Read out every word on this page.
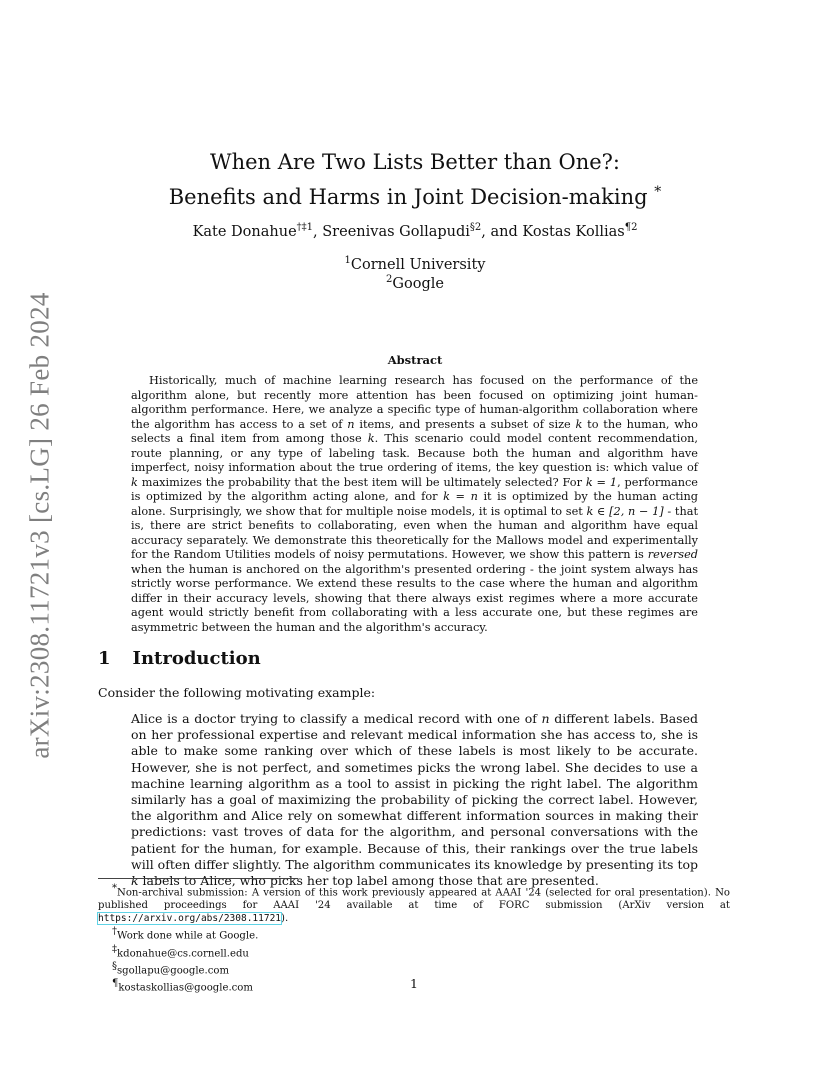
arXiv:2308.11721v3 [cs.LG] 26 Feb 2024
When Are Two Lists Better than One?:
Benefits and Harms in Joint Decision-making *
Kate Donahue$^{\dagger\ddagger 1}$, Sreenivas Gollapudi$^{\S 2}$, and Kostas Kollias$^{\P 2}$
$^1$Cornell University
$^2$Google
Abstract
Historically, much of machine learning research has focused on the performance of the algorithm alone, but recently more attention has been focused on optimizing joint human-algorithm performance. Here, we analyze a specific type of human-algorithm collaboration where the algorithm has access to a set of n items, and presents a subset of size k to the human, who selects a final item from among those k. This scenario could model content recommendation, route planning, or any type of labeling task. Because both the human and algorithm have imperfect, noisy information about the true ordering of items, the key question is: which value of k maximizes the probability that the best item will be ultimately selected? For k = 1, performance is optimized by the algorithm acting alone, and for k = n it is optimized by the human acting alone. Surprisingly, we show that for multiple noise models, it is optimal to set k ∈ [2, n − 1] - that is, there are strict benefits to collaborating, even when the human and algorithm have equal accuracy separately. We demonstrate this theoretically for the Mallows model and experimentally for the Random Utilities models of noisy permutations. However, we show this pattern is reversed when the human is anchored on the algorithm's presented ordering - the joint system always has strictly worse performance. We extend these results to the case where the human and algorithm differ in their accuracy levels, showing that there always exist regimes where a more accurate agent would strictly benefit from collaborating with a less accurate one, but these regimes are asymmetric between the human and the algorithm's accuracy.
1 Introduction
Consider the following motivating example:
Alice is a doctor trying to classify a medical record with one of n different labels. Based on her professional expertise and relevant medical information she has access to, she is able to make some ranking over which of these labels is most likely to be accurate. However, she is not perfect, and sometimes picks the wrong label. She decides to use a machine learning algorithm as a tool to assist in picking the right label. The algorithm similarly has a goal of maximizing the probability of picking the correct label. However, the algorithm and Alice rely on somewhat different information sources in making their predictions: vast troves of data for the algorithm, and personal conversations with the patient for the human, for example. Because of this, their rankings over the true labels will often differ slightly. The algorithm communicates its knowledge by presenting its top k labels to Alice, who picks her top label among those that are presented.
*Non-archival submission: A version of this work previously appeared at AAAI '24 (selected for oral presentation). No published proceedings for AAAI '24 available at time of FORC submission (ArXiv version at https://arxiv.org/abs/2308.11721).
†Work done while at Google.
‡kdonahue@cs.cornell.edu
§sgollapu@google.com
¶kostaskollias@google.com	1
